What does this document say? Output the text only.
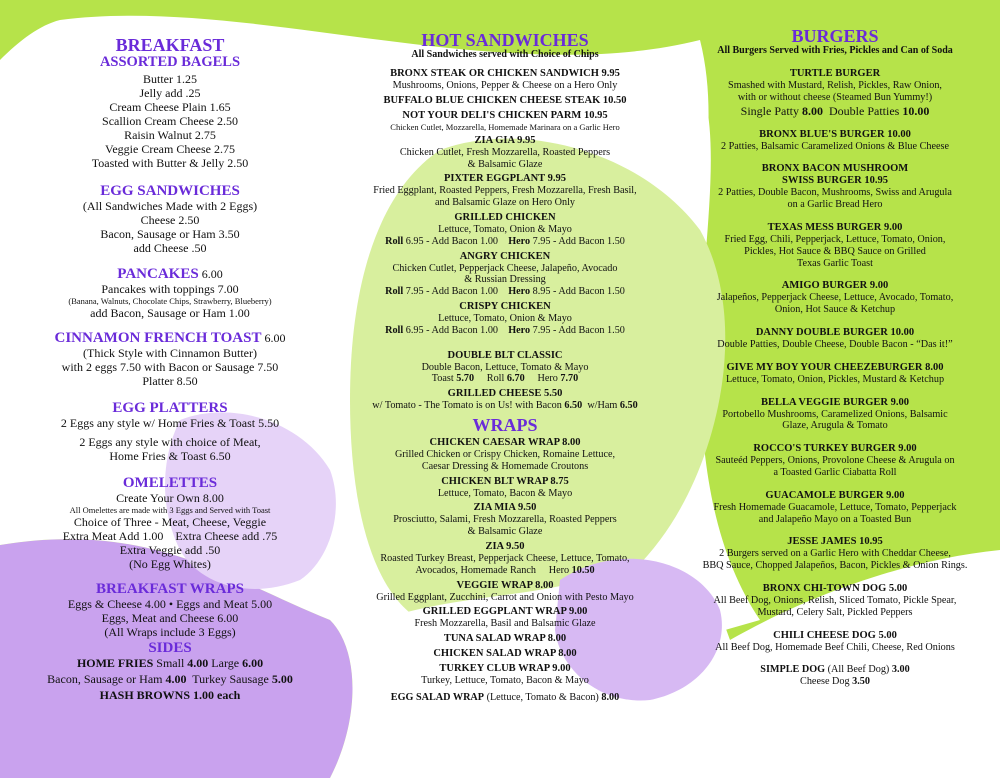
BREAKFAST
ASSORTED BAGELS
Butter 1.25
Jelly add .25
Cream Cheese Plain 1.65
Scallion Cream Cheese 2.50
Raisin Walnut 2.75
Veggie Cream Cheese 2.75
Toasted with Butter & Jelly 2.50
EGG SANDWICHES
(All Sandwiches Made with 2 Eggs)
Cheese 2.50
Bacon, Sausage or Ham 3.50
add Cheese .50
PANCAKES 6.00
Pancakes with toppings 7.00
(Banana, Walnuts, Chocolate Chips, Strawberry, Blueberry)
add Bacon, Sausage or Ham 1.00
CINNAMON FRENCH TOAST 6.00
(Thick Style with Cinnamon Butter)
with 2 eggs 7.50 with Bacon or Sausage 7.50
Platter 8.50
EGG PLATTERS
2 Eggs any style w/ Home Fries & Toast 5.50
2 Eggs any style with choice of Meat,
Home Fries & Toast 6.50
OMELETTES
Create Your Own 8.00
All Omelettes are made with 3 Eggs and Served with Toast
Choice of Three - Meat, Cheese, Veggie
Extra Meat Add 1.00    Extra Cheese add .75
Extra Veggie add .50
(No Egg Whites)
BREAKFAST WRAPS
Eggs & Cheese 4.00 • Eggs and Meat 5.00
Eggs, Meat and Cheese 6.00
(All Wraps include 3 Eggs)
SIDES
HOME FRIES Small 4.00 Large 6.00
Bacon, Sausage or Ham 4.00  Turkey Sausage 5.00
HASH BROWNS 1.00 each
HOT SANDWICHES
All Sandwiches served with Choice of Chips
BRONX STEAK OR CHICKEN SANDWICH 9.95
Mushrooms, Onions, Pepper & Cheese on a Hero Only
BUFFALO BLUE CHICKEN CHEESE STEAK 10.50
NOT YOUR DELI'S CHICKEN PARM 10.95
Chicken Cutlet, Mozzarella, Homemade Marinara on a Garlic Hero
ZIA GIA 9.95
Chicken Cutlet, Fresh Mozzarella, Roasted Peppers
& Balsamic Glaze
PIXTER EGGPLANT 9.95
Fried Eggplant, Roasted Peppers, Fresh Mozzarella, Fresh Basil,
and Balsamic Glaze on Hero Only
GRILLED CHICKEN
Lettuce, Tomato, Onion & Mayo
Roll 6.95 - Add Bacon 1.00    Hero 7.95 - Add Bacon 1.50
ANGRY CHICKEN
Chicken Cutlet, Pepperjack Cheese, Jalapeño, Avocado
& Russian Dressing
Roll 7.95 - Add Bacon 1.00    Hero 8.95 - Add Bacon 1.50
CRISPY CHICKEN
Lettuce, Tomato, Onion & Mayo
Roll 6.95 - Add Bacon 1.00    Hero 7.95 - Add Bacon 1.50
DOUBLE BLT CLASSIC
Double Bacon, Lettuce, Tomato & Mayo
Toast 5.70     Roll 6.70     Hero 7.70
GRILLED CHEESE 5.50
w/ Tomato - The Tomato is on Us! with Bacon 6.50  w/Ham 6.50
WRAPS
CHICKEN CAESAR WRAP 8.00
Grilled Chicken or Crispy Chicken, Romaine Lettuce,
Caesar Dressing & Homemade Croutons
CHICKEN BLT WRAP 8.75
Lettuce, Tomato, Bacon & Mayo
ZIA MIA 9.50
Prosciutto, Salami, Fresh Mozzarella, Roasted Peppers
& Balsamic Glaze
ZIA 9.50
Roasted Turkey Breast, Pepperjack Cheese, Lettuce, Tomato,
Avocados, Homemade Ranch     Hero 10.50
VEGGIE WRAP 8.00
Grilled Eggplant, Zucchini, Carrot and Onion with Pesto Mayo
GRILLED EGGPLANT WRAP 9.00
Fresh Mozzarella, Basil and Balsamic Glaze
TUNA SALAD WRAP 8.00
CHICKEN SALAD WRAP 8.00
TURKEY CLUB WRAP 9.00
Turkey, Lettuce, Tomato, Bacon & Mayo
EGG SALAD WRAP (Lettuce, Tomato & Bacon) 8.00
BURGERS
All Burgers Served with Fries, Pickles and Can of Soda
TURTLE BURGER
Smashed with Mustard, Relish, Pickles, Raw Onion,
with or without cheese (Steamed Bun Yummy!)
Single Patty 8.00  Double Patties 10.00
BRONX BLUE'S BURGER 10.00
2 Patties, Balsamic Caramelized Onions & Blue Cheese
BRONX BACON MUSHROOM
SWISS BURGER 10.95
2 Patties, Double Bacon, Mushrooms, Swiss and Arugula
on a Garlic Bread Hero
TEXAS MESS BURGER 9.00
Fried Egg, Chili, Pepperjack, Lettuce, Tomato, Onion,
Pickles, Hot Sauce & BBQ Sauce on Grilled
Texas Garlic Toast
AMIGO BURGER 9.00
Jalapeños, Pepperjack Cheese, Lettuce, Avocado, Tomato,
Onion, Hot Sauce & Ketchup
DANNY DOUBLE BURGER 10.00
Double Patties, Double Cheese, Double Bacon - “Das it!”
GIVE MY BOY YOUR CHEEZEBURGER 8.00
Lettuce, Tomato, Onion, Pickles, Mustard & Ketchup
BELLA VEGGIE BURGER 9.00
Portobello Mushrooms, Caramelized Onions, Balsamic
Glaze, Arugula & Tomato
ROCCO'S TURKEY BURGER 9.00
Sauteéd Peppers, Onions, Provolone Cheese & Arugula on
a Toasted Garlic Ciabatta Roll
GUACAMOLE BURGER 9.00
Fresh Homemade Guacamole, Lettuce, Tomato, Pepperjack
and Jalapeño Mayo on a Toasted Bun
JESSE JAMES 10.95
2 Burgers served on a Garlic Hero with Cheddar Cheese,
BBQ Sauce, Chopped Jalapeños, Bacon, Pickles & Onion Rings.
BRONX CHI-TOWN DOG 5.00
All Beef Dog, Onions, Relish, Sliced Tomato, Pickle Spear,
Mustard, Celery Salt, Pickled Peppers
CHILI CHEESE DOG 5.00
All Beef Dog, Homemade Beef Chili, Cheese, Red Onions
SIMPLE DOG (All Beef Dog) 3.00
Cheese Dog 3.50
